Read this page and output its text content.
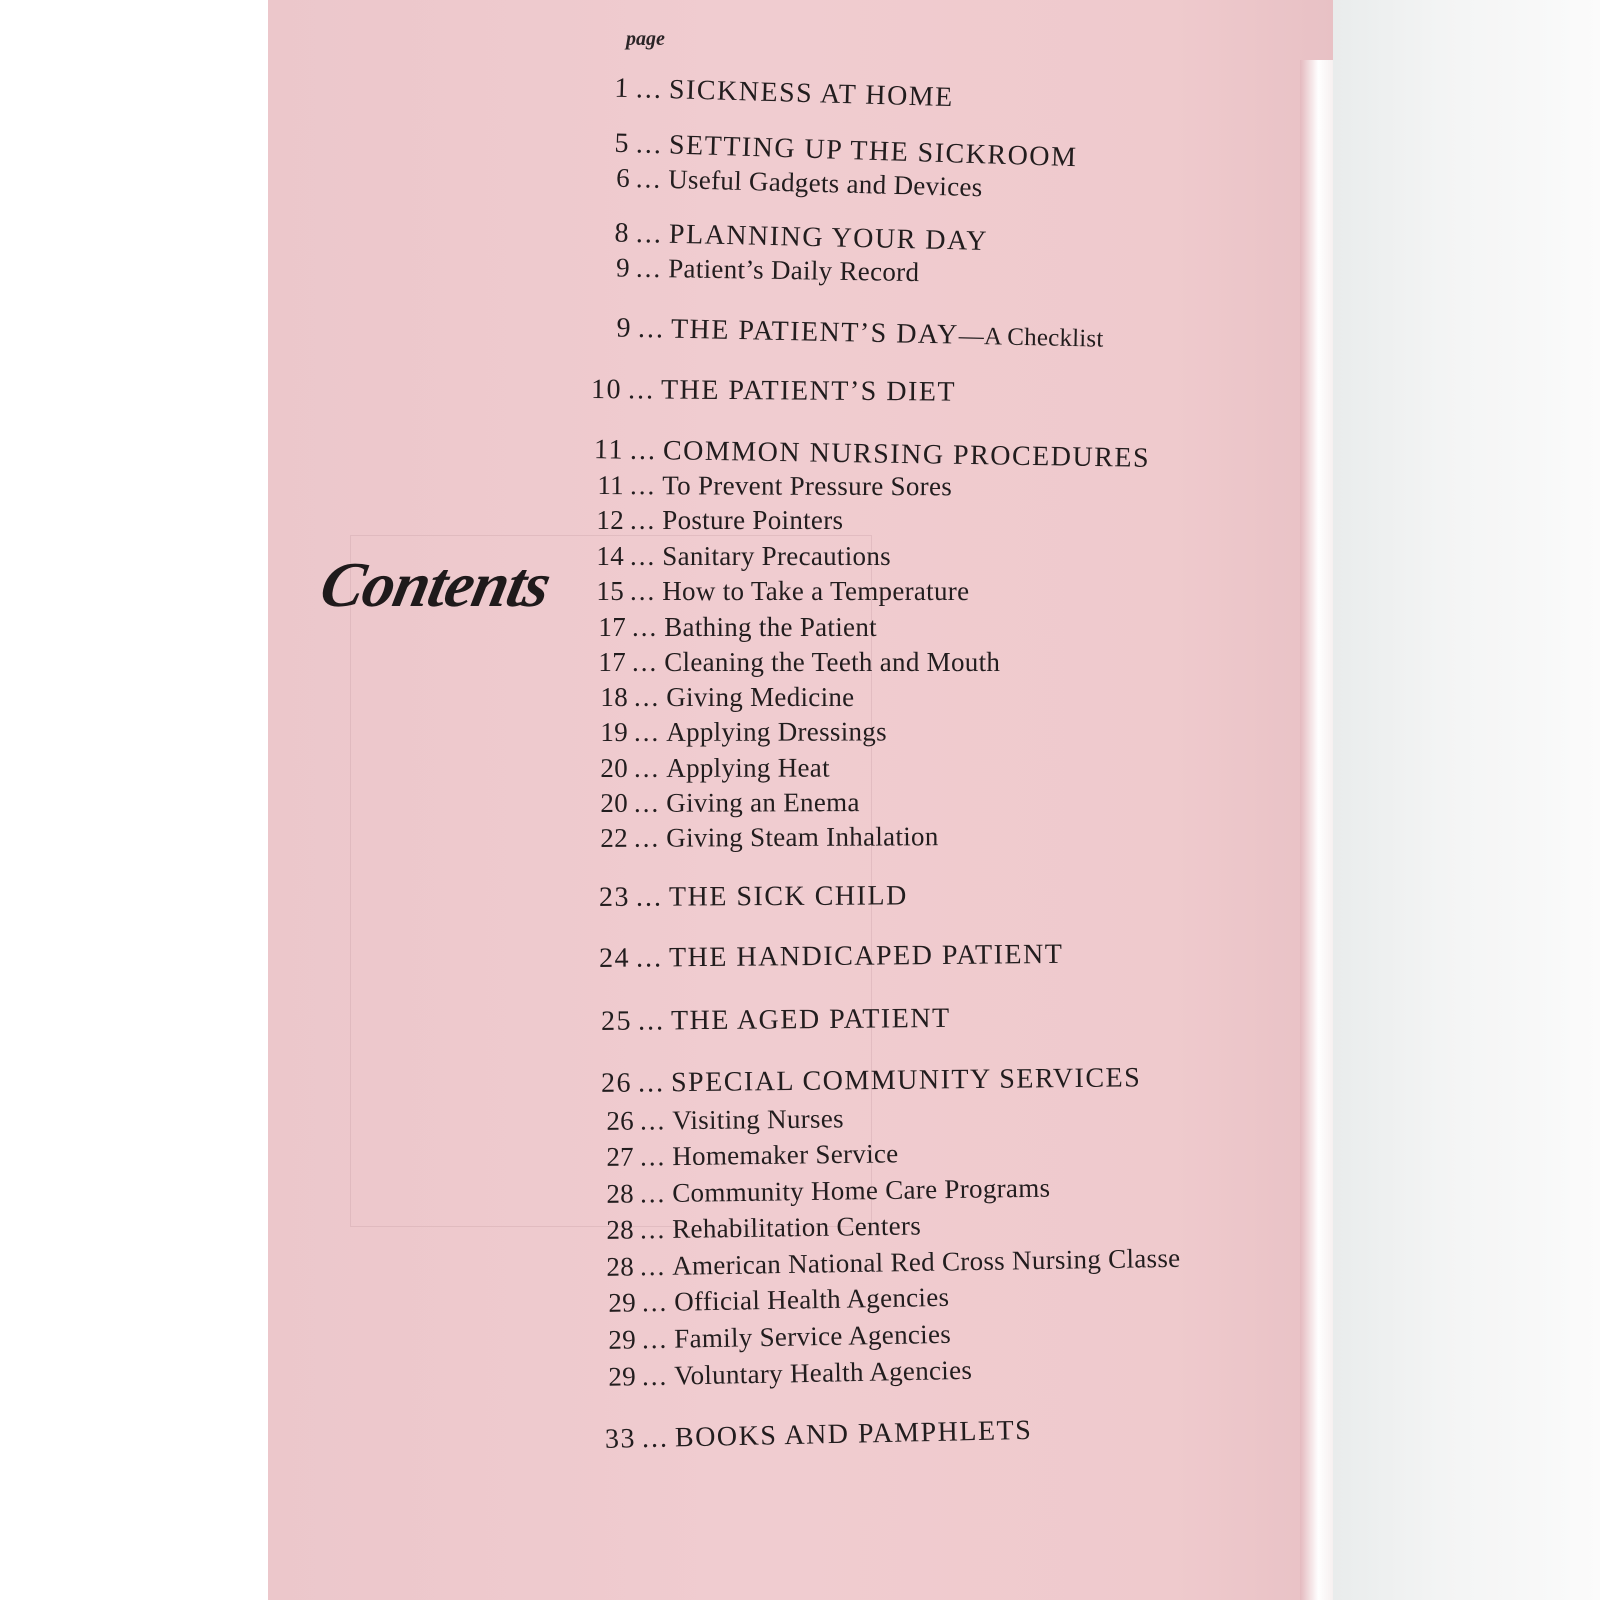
page
Contents
1 ... SICKNESS AT HOME
5 ... SETTING UP THE SICKROOM
6 ... Useful Gadgets and Devices
8 ... PLANNING YOUR DAY
9 ... Patient’s Daily Record
9 ... THE PATIENT’S DAY—A Checklist
10 ... THE PATIENT’S DIET
11 ... COMMON NURSING PROCEDURES
11 ... To Prevent Pressure Sores
12 ... Posture Pointers
14 ... Sanitary Precautions
15 ... How to Take a Temperature
17 ... Bathing the Patient
17 ... Cleaning the Teeth and Mouth
18 ... Giving Medicine
19 ... Applying Dressings
20 ... Applying Heat
20 ... Giving an Enema
22 ... Giving Steam Inhalation
23 ... THE SICK CHILD
24 ... THE HANDICAPED PATIENT
25 ... THE AGED PATIENT
26 ... SPECIAL COMMUNITY SERVICES
26 ... Visiting Nurses
27 ... Homemaker Service
28 ... Community Home Care Programs
28 ... Rehabilitation Centers
28 ... American National Red Cross Nursing Classe
29 ... Official Health Agencies
29 ... Family Service Agencies
29 ... Voluntary Health Agencies
33 ... BOOKS AND PAMPHLETS
